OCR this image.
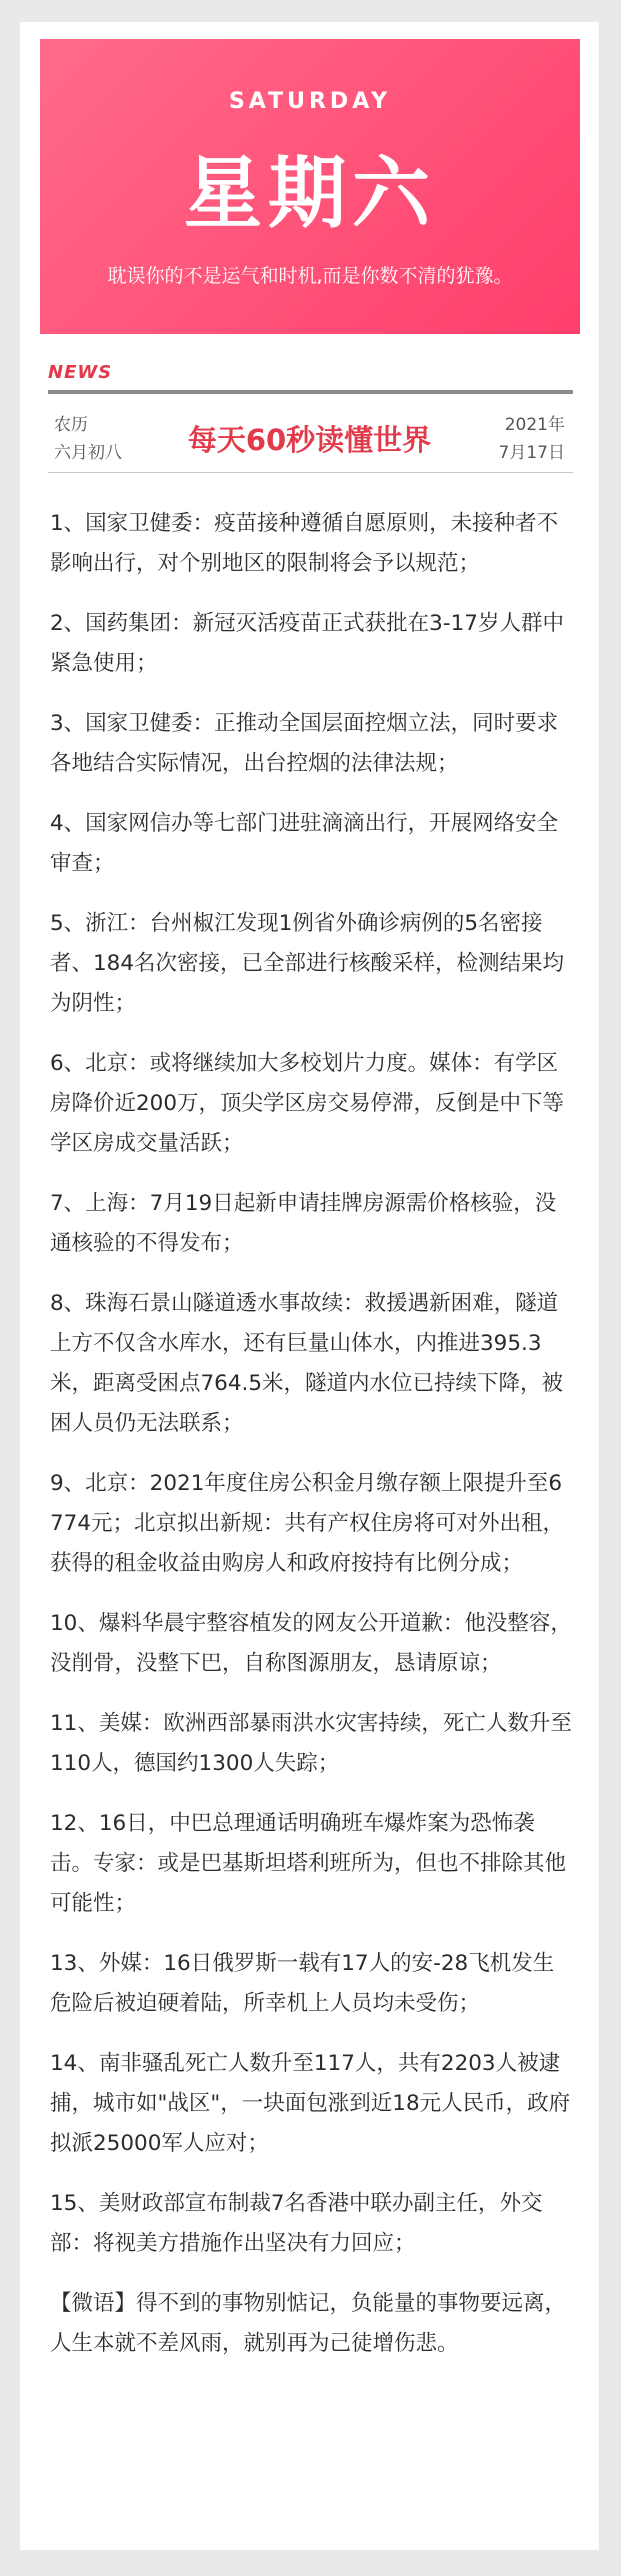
SATURDAY
星期六
耽误你的不是运气和时机,而是你数不清的犹豫。
NEWS
农历
六月初八	每天60秒读懂世界	2021年
7月17日

1、国家卫健委：疫苗接种遵循自愿原则，未接种者不影响出行，对个别地区的限制将会予以规范；

2、国药集团：新冠灭活疫苗正式获批在3-17岁人群中紧急使用；

3、国家卫健委：正推动全国层面控烟立法，同时要求各地结合实际情况，出台控烟的法律法规；

4、国家网信办等七部门进驻滴滴出行，开展网络安全审查；

5、浙江：台州椒江发现1例省外确诊病例的5名密接者、184名次密接，已全部进行核酸采样，检测结果均为阴性；

6、北京：或将继续加大多校划片力度。媒体：有学区房降价近200万，顶尖学区房交易停滞，反倒是中下等学区房成交量活跃；

7、上海：7月19日起新申请挂牌房源需价格核验，没通核验的不得发布；

8、珠海石景山隧道透水事故续：救援遇新困难，隧道上方不仅含水库水，还有巨量山体水，内推进395.3米，距离受困点764.5米，隧道内水位已持续下降，被困人员仍无法联系；

9、北京：2021年度住房公积金月缴存额上限提升至6774元；北京拟出新规：共有产权住房将可对外出租，获得的租金收益由购房人和政府按持有比例分成；

10、爆料华晨宇整容植发的网友公开道歉：他没整容，没削骨，没整下巴，自称图源朋友，恳请原谅；

11、美媒：欧洲西部暴雨洪水灾害持续，死亡人数升至110人，德国约1300人失踪；

12、16日，中巴总理通话明确班车爆炸案为恐怖袭击。专家：或是巴基斯坦塔利班所为，但也不排除其他可能性；

13、外媒：16日俄罗斯一载有17人的安-28飞机发生危险后被迫硬着陆，所幸机上人员均未受伤；

14、南非骚乱死亡人数升至117人，共有2203人被逮捕，城市如"战区"，一块面包涨到近18元人民币，政府拟派25000军人应对；

15、美财政部宣布制裁7名香港中联办副主任，外交部：将视美方措施作出坚决有力回应；

【微语】得不到的事物别惦记，负能量的事物要远离，人生本就不差风雨，就别再为己徒增伤悲。
